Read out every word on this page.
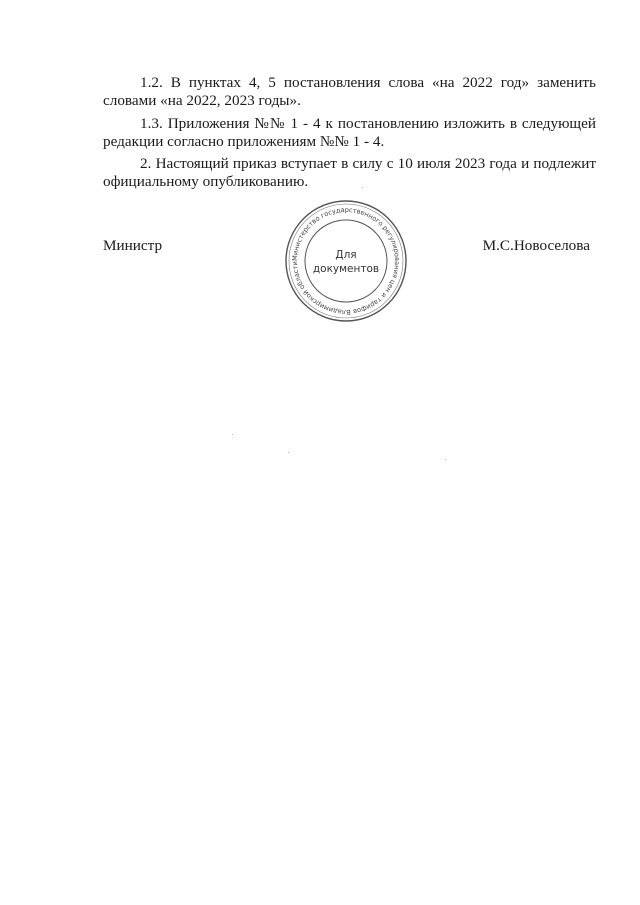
1.2. В пунктах 4, 5 постановления слова «на 2022 год» заменить словами «на 2022, 2023 годы».

1.3. Приложения №№ 1 - 4 к постановлению изложить в следующей редакции согласно приложениям №№ 1 - 4.

2. Настоящий приказ вступает в силу с 10 июля 2023 года и подлежит официальному опубликованию.

Министр
Министерство государственного регулирования цен и тарифов Владимирской области
Для
документов
М.С.Новоселова
